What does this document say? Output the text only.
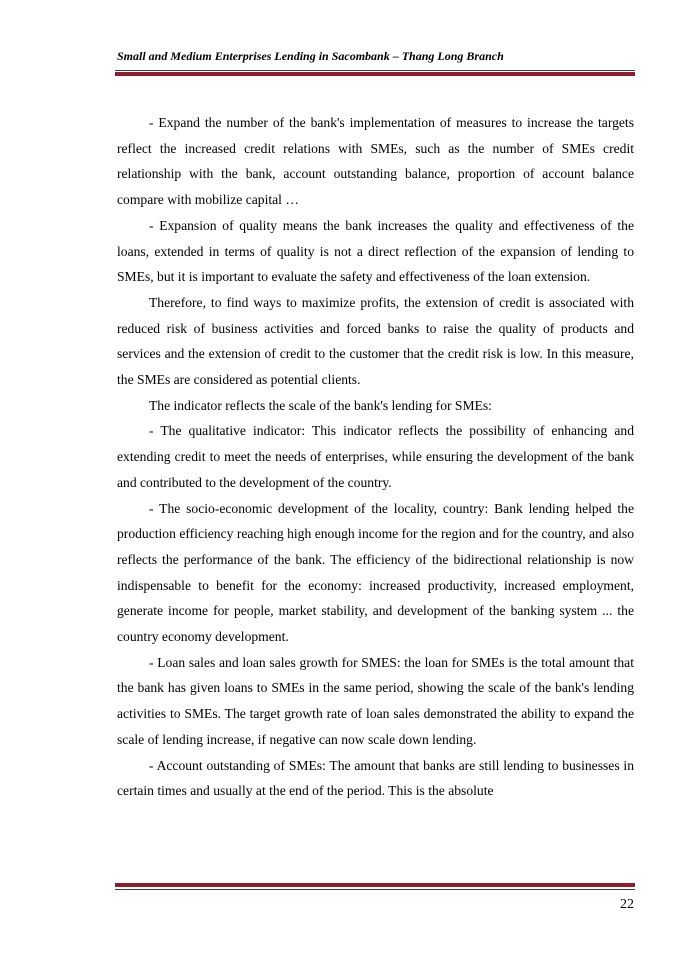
Small and Medium Enterprises Lending in Sacombank – Thang Long Branch

- Expand the number of the bank's implementation of measures to increase the targets reflect the increased credit relations with SMEs, such as the number of SMEs credit relationship with the bank, account outstanding balance, proportion of account balance compare with mobilize capital …

- Expansion of quality means the bank increases the quality and effectiveness of the loans, extended in terms of quality is not a direct reflection of the expansion of lending to SMEs, but it is important to evaluate the safety and effectiveness of the loan extension.

Therefore, to find ways to maximize profits, the extension of credit is associated with reduced risk of business activities and forced banks to raise the quality of products and services and the extension of credit to the customer that the credit risk is low. In this measure, the SMEs are considered as potential clients.

The indicator reflects the scale of the bank's lending for SMEs:

- The qualitative indicator: This indicator reflects the possibility of enhancing and extending credit to meet the needs of enterprises, while ensuring the development of the bank and contributed to the development of the country.

- The socio-economic development of the locality, country: Bank lending helped the production efficiency reaching high enough income for the region and for the country, and also reflects the performance of the bank. The efficiency of the bidirectional relationship is now indispensable to benefit for the economy: increased productivity, increased employment, generate income for people, market stability, and development of the banking system ... the country economy development.

- Loan sales and loan sales growth for SMES: the loan for SMEs is the total amount that the bank has given loans to SMEs in the same period, showing the scale of the bank's lending activities to SMEs. The target growth rate of loan sales demonstrated the ability to expand the scale of lending increase, if negative can now scale down lending.

- Account outstanding of SMEs: The amount that banks are still lending to businesses in certain times and usually at the end of the period. This is the absolute

22
